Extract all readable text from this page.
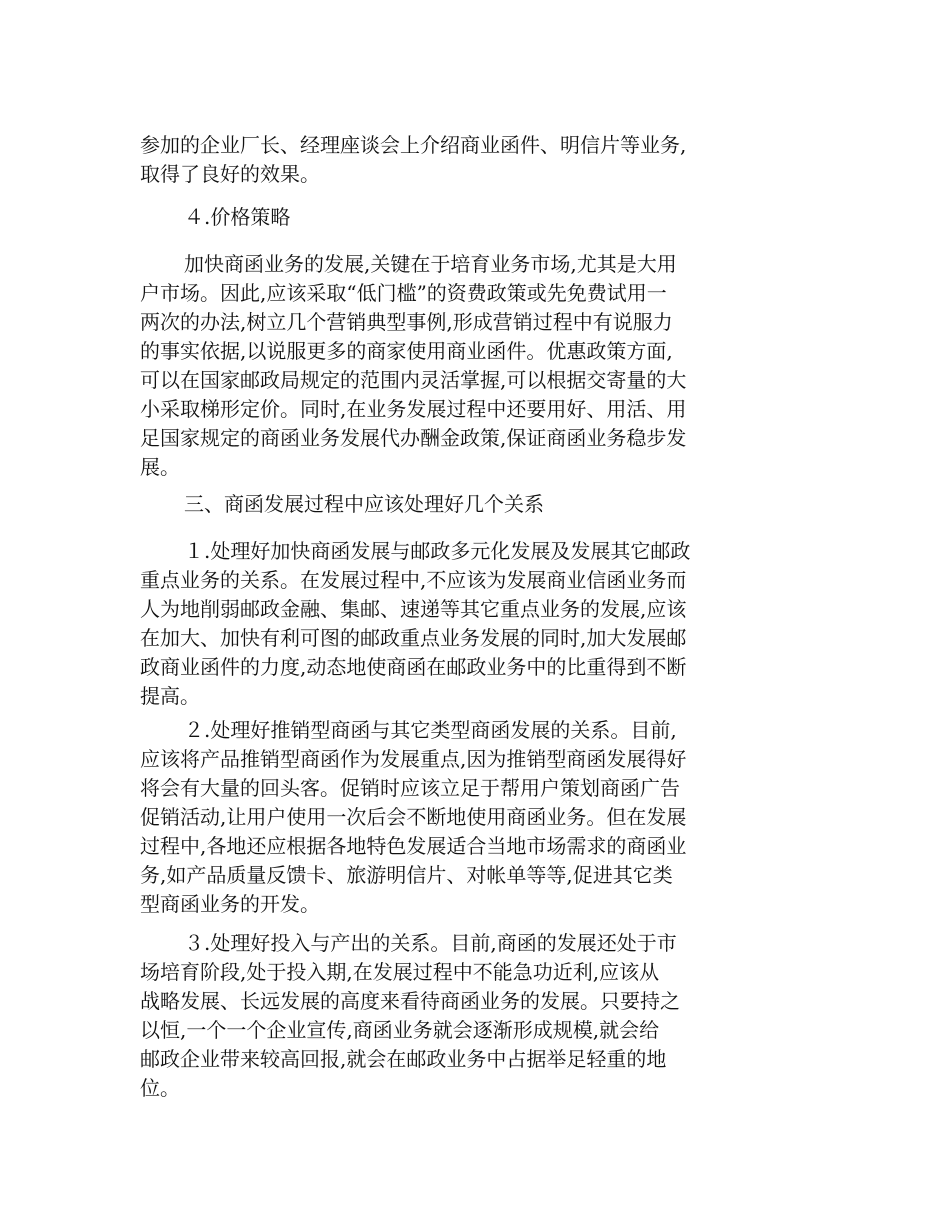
参加的企业厂长、经理座谈会上介绍商业函件、明信片等业务,
取得了良好的效果。

４.价格策略

加快商函业务的发展,关键在于培育业务市场,尤其是大用
户市场。因此,应该采取“低门槛”的资费政策或先免费试用一
两次的办法,树立几个营销典型事例,形成营销过程中有说服力
的事实依据,以说服更多的商家使用商业函件。优惠政策方面,
可以在国家邮政局规定的范围内灵活掌握,可以根据交寄量的大
小采取梯形定价。同时,在业务发展过程中还要用好、用活、用
足国家规定的商函业务发展代办酬金政策,保证商函业务稳步发
展。

三、商函发展过程中应该处理好几个关系

１.处理好加快商函发展与邮政多元化发展及发展其它邮政
重点业务的关系。在发展过程中,不应该为发展商业信函业务而
人为地削弱邮政金融、集邮、速递等其它重点业务的发展,应该
在加大、加快有利可图的邮政重点业务发展的同时,加大发展邮
政商业函件的力度,动态地使商函在邮政业务中的比重得到不断
提高。

２.处理好推销型商函与其它类型商函发展的关系。目前,
应该将产品推销型商函作为发展重点,因为推销型商函发展得好
将会有大量的回头客。促销时应该立足于帮用户策划商函广告
促销活动,让用户使用一次后会不断地使用商函业务。但在发展
过程中,各地还应根据各地特色发展适合当地市场需求的商函业
务,如产品质量反馈卡、旅游明信片、对帐单等等,促进其它类
型商函业务的开发。

３.处理好投入与产出的关系。目前,商函的发展还处于市
场培育阶段,处于投入期,在发展过程中不能急功近利,应该从
战略发展、长远发展的高度来看待商函业务的发展。只要持之
以恒,一个一个企业宣传,商函业务就会逐渐形成规模,就会给
邮政企业带来较高回报,就会在邮政业务中占据举足轻重的地
位。
